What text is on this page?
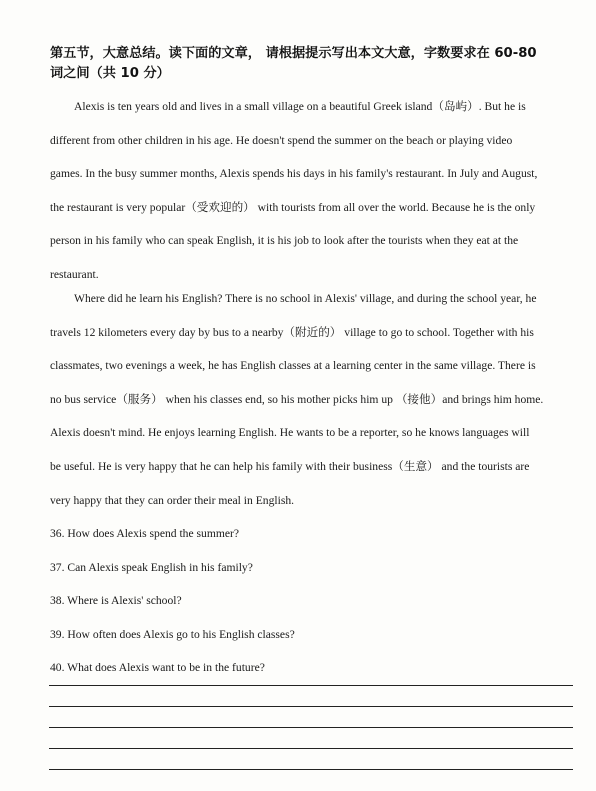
第五节，大意总结。读下面的文章， 请根据提示写出本文大意，字数要求在 60-80
词之间（共 10 分）
Alexis is ten years old and lives in a small village on a beautiful Greek island（岛屿）. But he is
different from other children in his age. He doesn't spend the summer on the beach or playing video
games. In the busy summer months, Alexis spends his days in his family's restaurant. In July and August,
the restaurant is very popular（受欢迎的） with tourists from all over the world. Because he is the only
person in his family who can speak English, it is his job to look after the tourists when they eat at the
restaurant.
Where did he learn his English? There is no school in Alexis' village, and during the school year, he
travels 12 kilometers every day by bus to a nearby（附近的） village to go to school. Together with his
classmates, two evenings a week, he has English classes at a learning center in the same village. There is
no bus service（服务） when his classes end, so his mother picks him up （接他）and brings him home.
Alexis doesn't mind. He enjoys learning English. He wants to be a reporter, so he knows languages will
be useful. He is very happy that he can help his family with their business（生意） and the tourists are
very happy that they can order their meal in English.
36. How does Alexis spend the summer?
37. Can Alexis speak English in his family?
38. Where is Alexis' school?
39. How often does Alexis go to his English classes?
40. What does Alexis want to be in the future?
